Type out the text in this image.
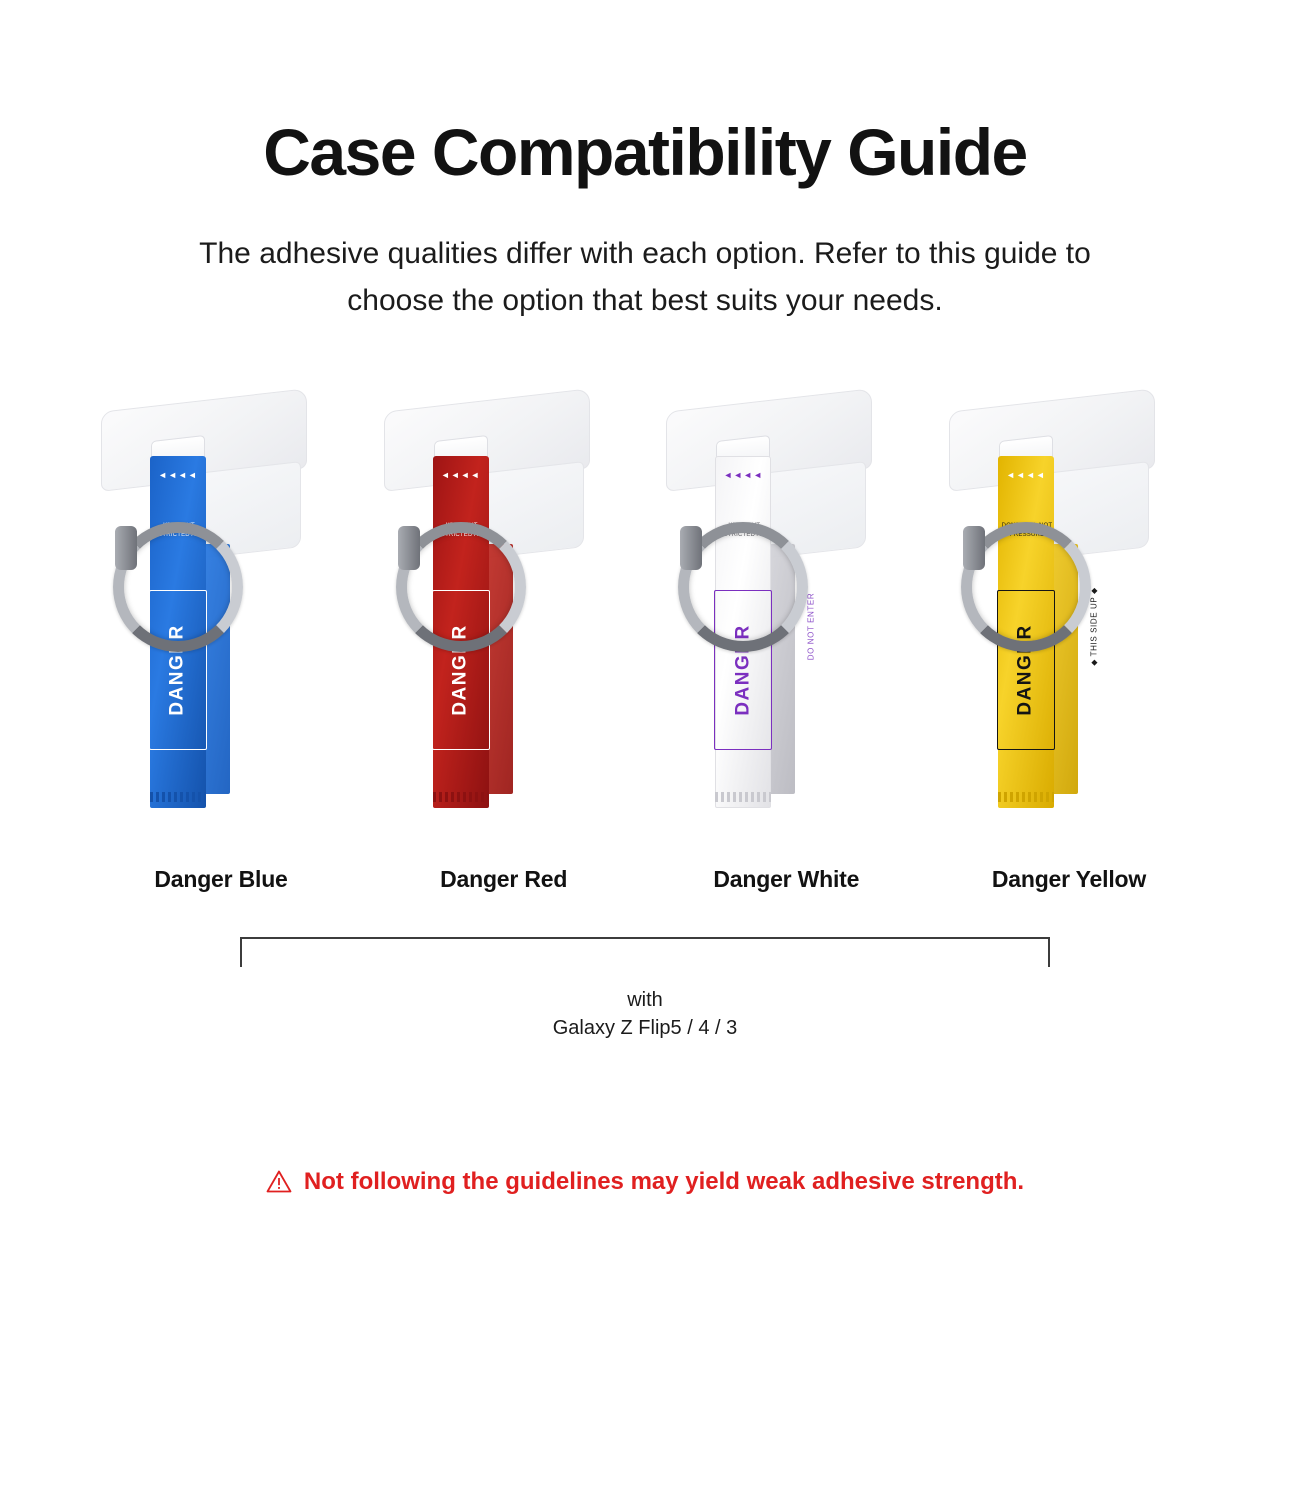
Case Compatibility Guide
The adhesive qualities differ with each option. Refer to this guide to choose the option that best suits your needs.
◄◄◄◄
KEEP OUT
RESTRICTED AREA
DANGER	DO NOT ENTER
Danger Blue
◄◄◄◄
KEEP OUT
RESTRICTED AREA
DANGER	DO NOT ENTER
Danger Red
◄◄◄◄
KEEP OUT
RESTRICTED AREA
DANGER	DO NOT ENTER
Danger White
◄◄◄◄
DON'T FALL NOT
PRESSURE
DANGER	◆ THIS SIDE UP ◆
Danger Yellow
with
Galaxy Z Flip5 / 4 / 3
Not following the guidelines may yield weak adhesive strength.
